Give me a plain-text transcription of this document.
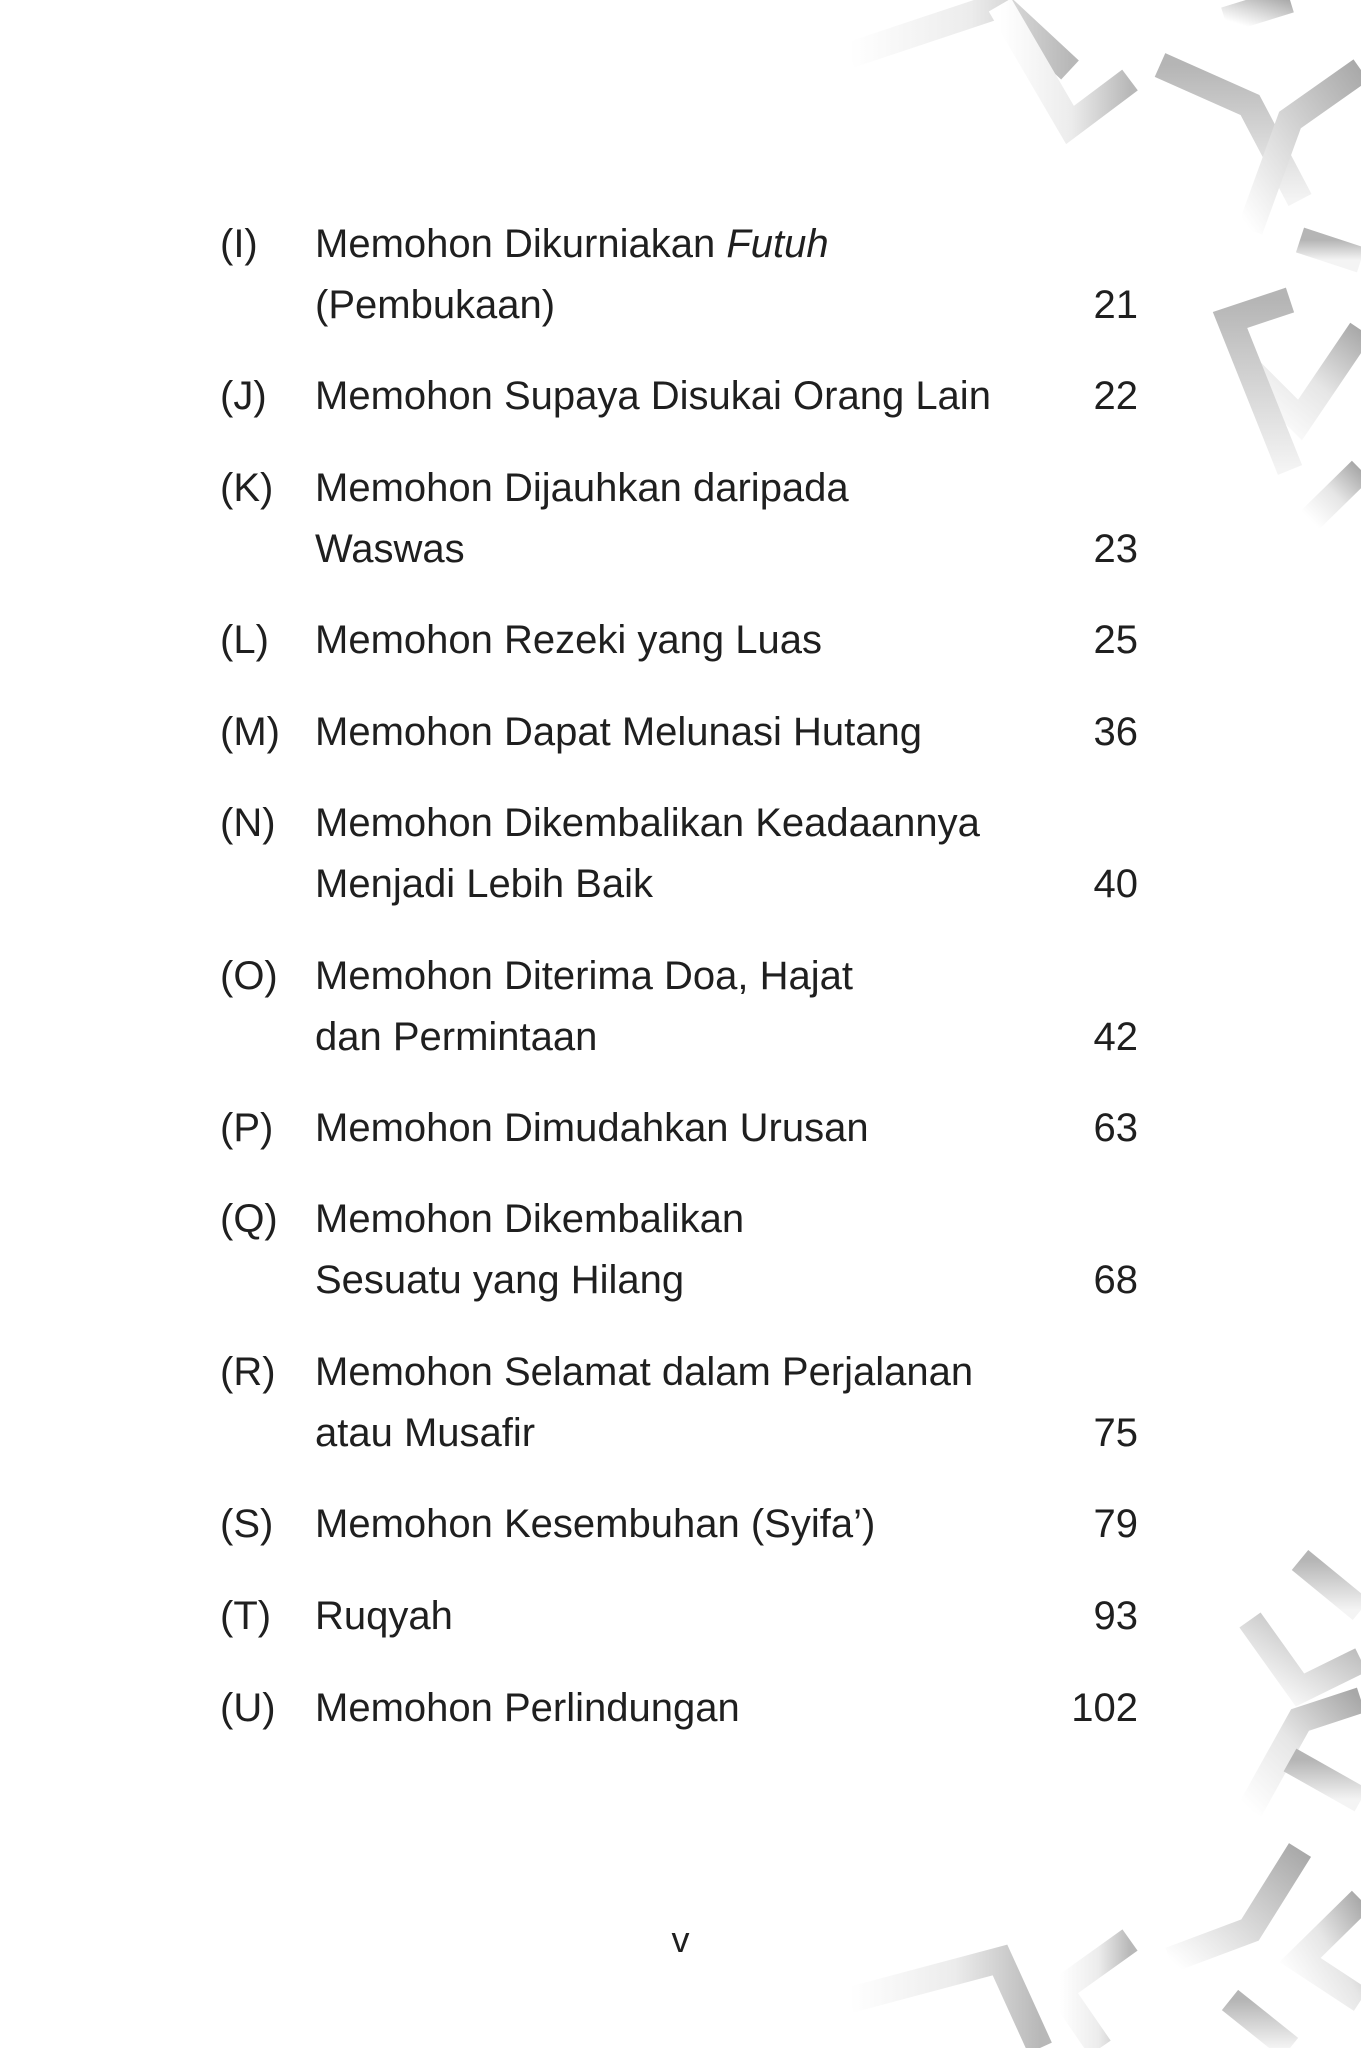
(I) Memohon Dikurniakan Futuh
(Pembukaan)	21
(J) Memohon Supaya Disukai Orang Lain	22
(K) Memohon Dijauhkan daripada
Waswas	23
(L) Memohon Rezeki yang Luas	25
(M) Memohon Dapat Melunasi Hutang	36
(N) Memohon Dikembalikan Keadaannya
Menjadi Lebih Baik	40
(O) Memohon Diterima Doa, Hajat
dan Permintaan	42
(P) Memohon Dimudahkan Urusan	63
(Q) Memohon Dikembalikan
Sesuatu yang Hilang	68
(R) Memohon Selamat dalam Perjalanan
atau Musafir	75
(S) Memohon Kesembuhan (Syifa’)	79
(T) Ruqyah	93
(U) Memohon Perlindungan	102
v
